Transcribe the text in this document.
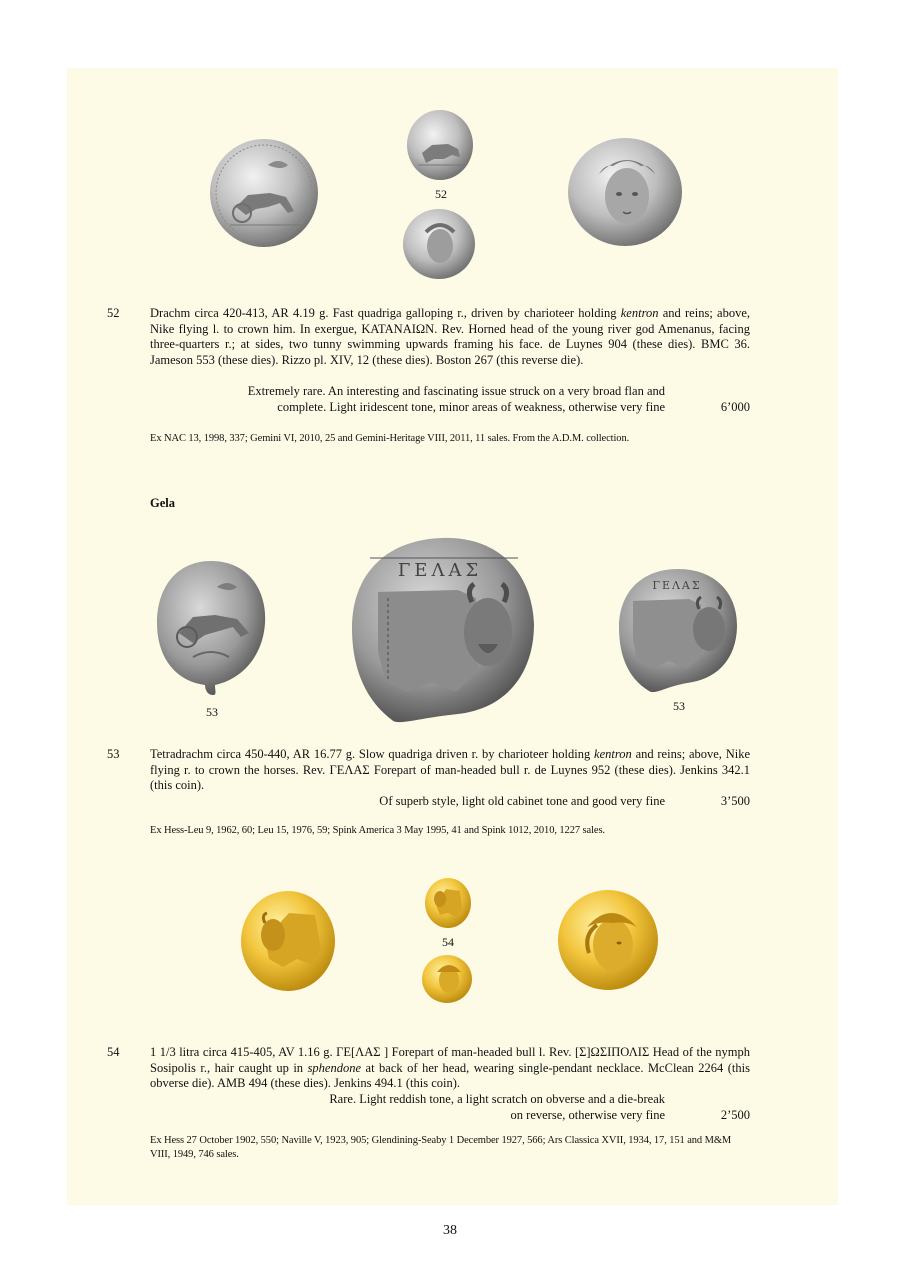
52
52 Drachm circa 420-413, AR 4.19 g. Fast quadriga galloping r., driven by charioteer holding kentron and reins; above, Nike flying l. to crown him. In exergue, ΚΑΤΑΝΑΙΩΝ. Rev. Horned head of the young river god Amenanus, facing three-quarters r.; at sides, two tunny swimming upwards framing his face. de Luynes 904 (these dies). BMC 36. Jameson 553 (these dies). Rizzo pl. XIV, 12 (these dies). Boston 267 (this reverse die).
Extremely rare. An interesting and fascinating issue struck on a very broad flan and
complete. Light iridescent tone, minor areas of weakness, otherwise very fine	6’000
Ex NAC 13, 1998, 337; Gemini VI, 2010, 25 and Gemini-Heritage VIII, 2011, 11 sales. From the A.D.M. collection.
Gela
ΓΕΛΑΣ
ΓΕΛΑΣ
53	53
53 Tetradrachm circa 450-440, AR 16.77 g. Slow quadriga driven r. by charioteer holding kentron and reins; above, Nike flying r. to crown the horses. Rev. ΓΕΛΑΣ Forepart of man-headed bull r. de Luynes 952 (these dies). Jenkins 342.1 (this coin).
Of superb style, light old cabinet tone and good very fine	3’500
Ex Hess-Leu 9, 1962, 60; Leu 15, 1976, 59; Spink America 3 May 1995, 41 and Spink 1012, 2010, 1227 sales.
54
54 1 1/3 litra circa 415-405, AV 1.16 g. ΓΕ[ΛΑΣ ] Forepart of man-headed bull l. Rev. [Σ]ΩΣΙΠΟΛΙΣ Head of the nymph Sosipolis r., hair caught up in sphendone at back of her head, wearing single-pendant necklace. McClean 2264 (this obverse die). AMB 494 (these dies). Jenkins 494.1 (this coin).
Rare. Light reddish tone, a light scratch on obverse and a die-break
on reverse, otherwise very fine	2’500
Ex Hess 27 October 1902, 550; Naville V, 1923, 905; Glendining-Seaby 1 December 1927, 566; Ars Classica XVII, 1934, 17, 151 and M&M VIII, 1949, 746 sales.
38
